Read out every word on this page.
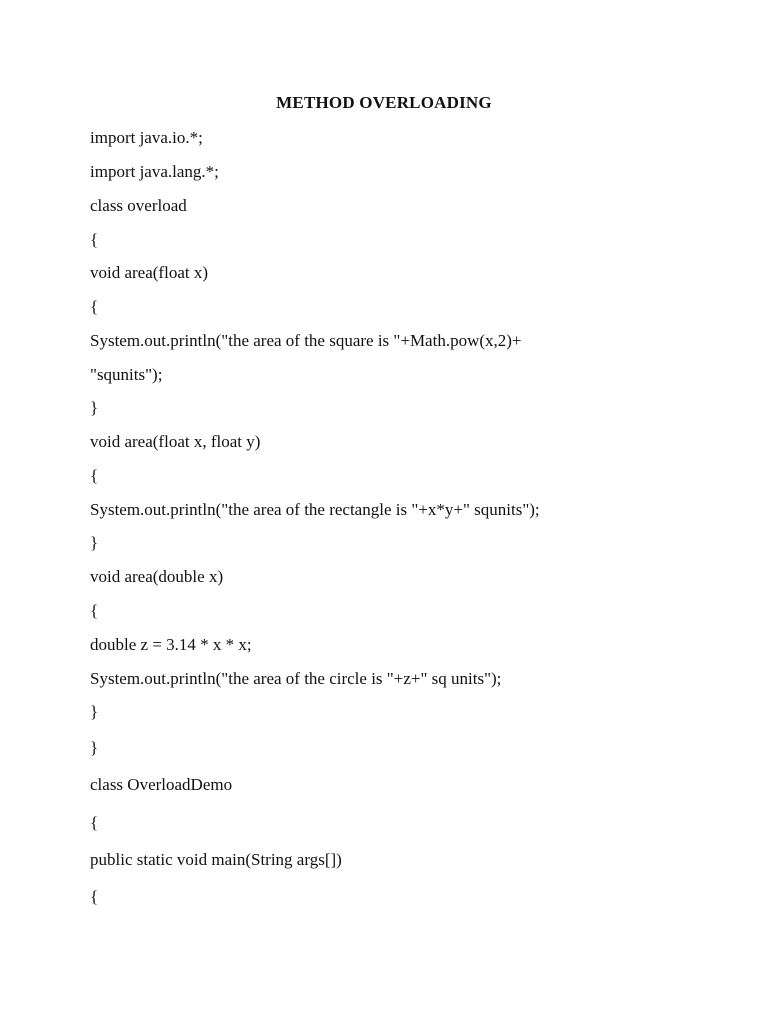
METHOD OVERLOADING
import java.io.*;
import java.lang.*;
class overload
{
void area(float x)
{
System.out.println("the area of the square is "+Math.pow(x,2)+
"squnits");
}
void area(float x, float y)
{
System.out.println("the area of the rectangle is "+x*y+" squnits");
}
void area(double x)
{
double z = 3.14 * x * x;
System.out.println("the area of the circle is "+z+" sq units");
}
}
class OverloadDemo
{
public static void main(String args[])
{
